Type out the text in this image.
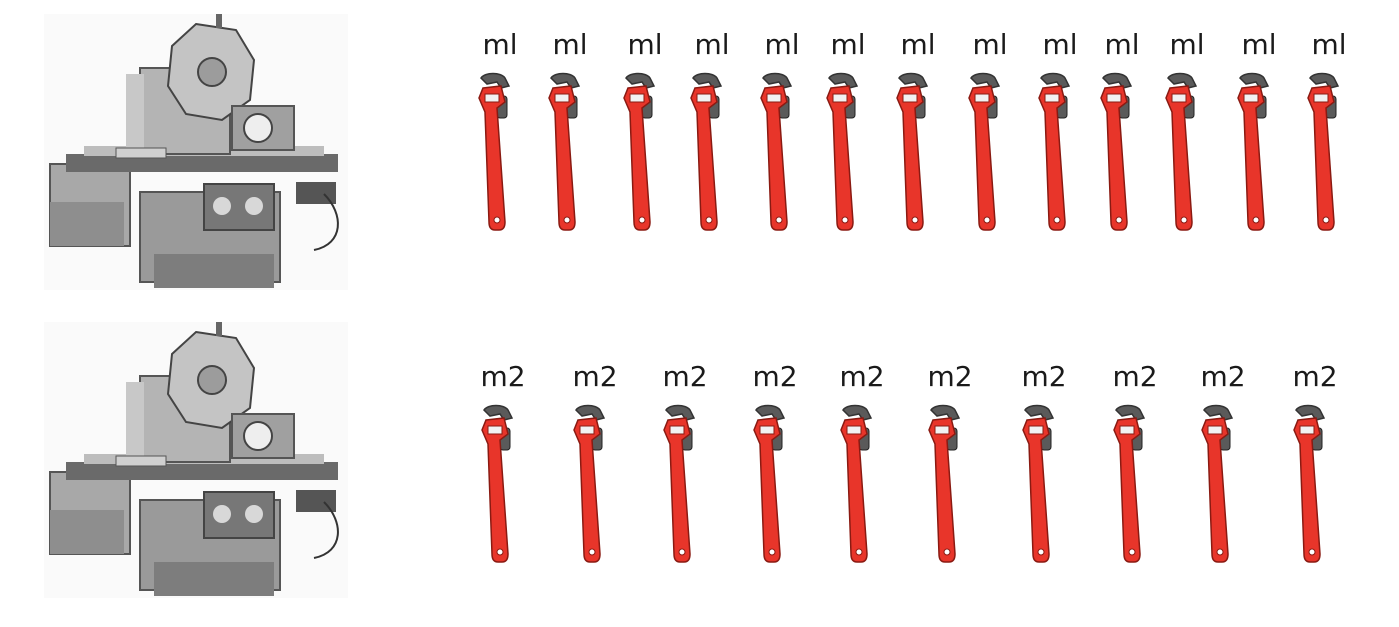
ml	ml	ml	ml	ml	ml	ml	ml	ml ml	ml	ml	ml
m2	m2	m2	m2	m2	m2	m2	m2	m2	m2
